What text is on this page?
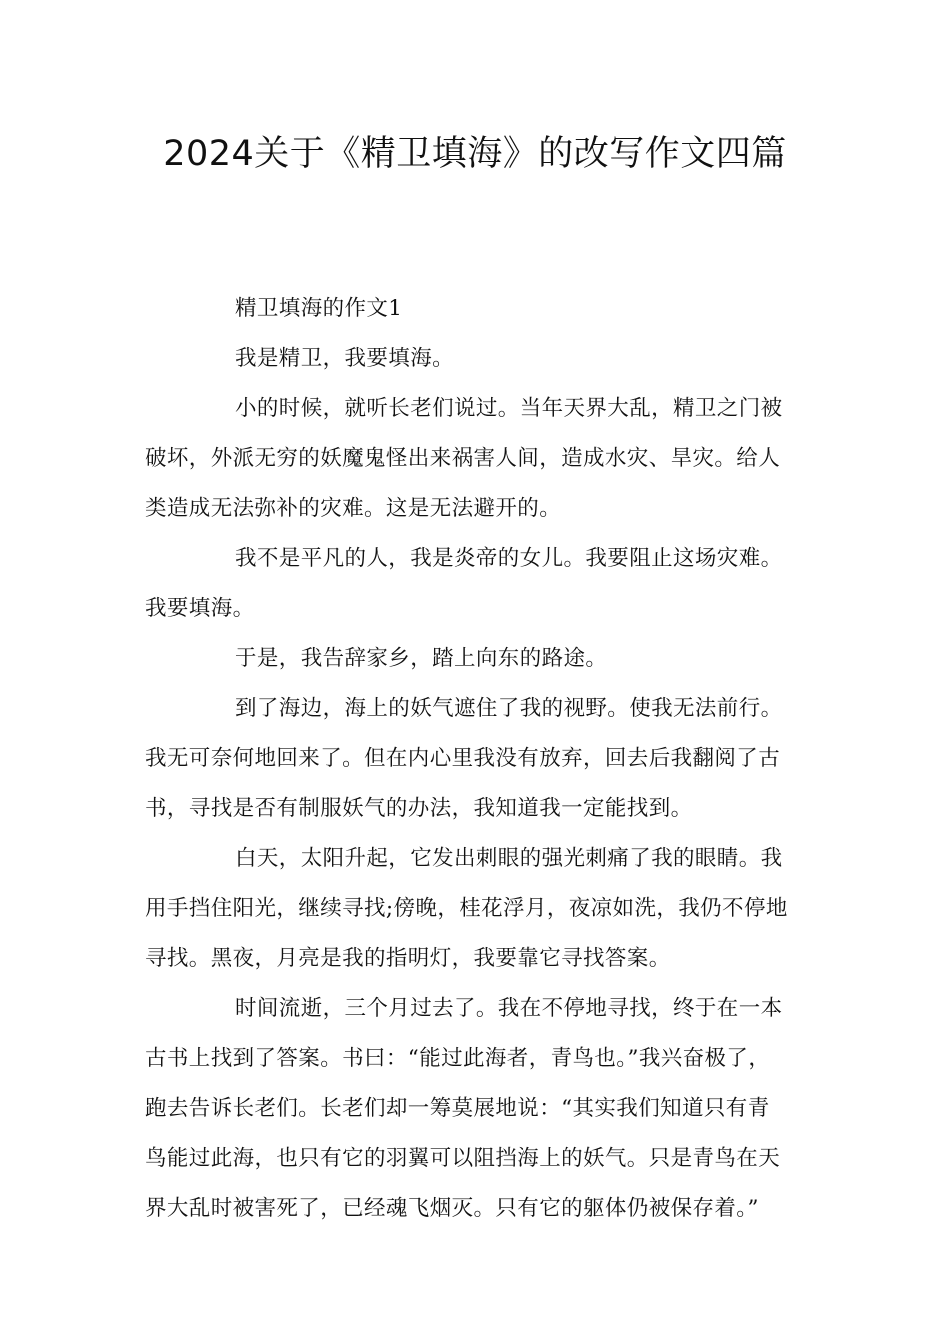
2024关于《精卫填海》的改写作文四篇
精卫填海的作文1
我是精卫，我要填海。
小的时候，就听长老们说过。当年天界大乱，精卫之门被
破坏，外派无穷的妖魔鬼怪出来祸害人间，造成水灾、旱灾。给人
类造成无法弥补的灾难。这是无法避开的。
我不是平凡的人，我是炎帝的女儿。我要阻止这场灾难。
我要填海。
于是，我告辞家乡，踏上向东的路途。
到了海边，海上的妖气遮住了我的视野。使我无法前行。
我无可奈何地回来了。但在内心里我没有放弃，回去后我翻阅了古
书，寻找是否有制服妖气的办法，我知道我一定能找到。
白天，太阳升起，它发出刺眼的强光刺痛了我的眼睛。我
用手挡住阳光，继续寻找;傍晚，桂花浮月，夜凉如洗，我仍不停地
寻找。黑夜，月亮是我的指明灯，我要靠它寻找答案。
时间流逝，三个月过去了。我在不停地寻找，终于在一本
古书上找到了答案。书曰：“能过此海者，青鸟也。”我兴奋极了，
跑去告诉长老们。长老们却一筹莫展地说：“其实我们知道只有青
鸟能过此海，也只有它的羽翼可以阻挡海上的妖气。只是青鸟在天
界大乱时被害死了，已经魂飞烟灭。只有它的躯体仍被保存着。”
